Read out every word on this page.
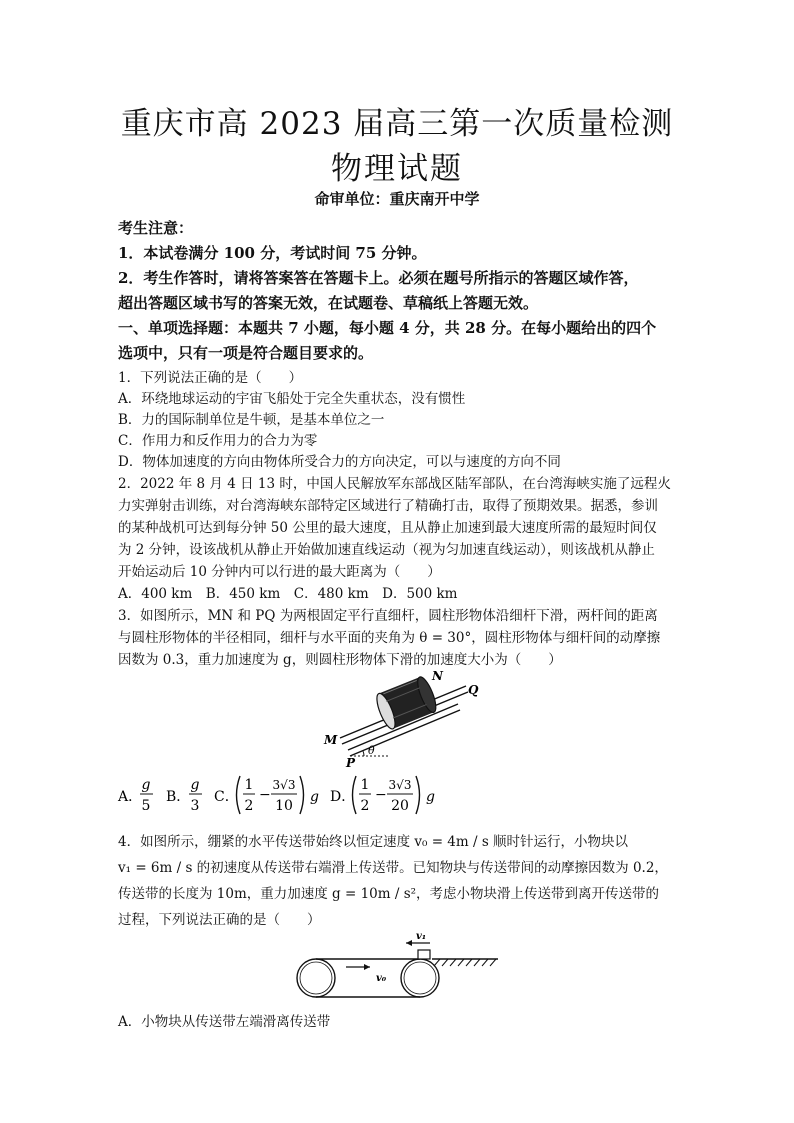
重庆市高 2023 届高三第一次质量检测
物理试题
命审单位：重庆南开中学
考生注意：
1．本试卷满分 100 分，考试时间 75 分钟。
2．考生作答时，请将答案答在答题卡上。必须在题号所指示的答题区域作答，
超出答题区域书写的答案无效，在试题卷、草稿纸上答题无效。
一、单项选择题：本题共 7 小题，每小题 4 分，共 28 分。在每小题给出的四个
选项中，只有一项是符合题目要求的。
1．下列说法正确的是（　　）
A．环绕地球运动的宇宙飞船处于完全失重状态，没有惯性
B．力的国际制单位是牛顿，是基本单位之一
C．作用力和反作用力的合力为零
D．物体加速度的方向由物体所受合力的方向决定，可以与速度的方向不同
2．2022 年 8 月 4 日 13 时，中国人民解放军东部战区陆军部队，在台湾海峡实施了远程火
力实弹射击训练，对台湾海峡东部特定区域进行了精确打击，取得了预期效果。据悉，参训
的某种战机可达到每分钟 50 公里的最大速度，且从静止加速到最大速度所需的最短时间仅
为 2 分钟，设该战机从静止开始做加速直线运动（视为匀加速直线运动），则该战机从静止
开始运动后 10 分钟内可以行进的最大距离为（　　）
A．400 km　B．450 km　C．480 km　D．500 km
3．如图所示，MN 和 PQ 为两根固定平行直细杆，圆柱形物体沿细杆下滑，两杆间的距离
与圆柱形物体的半径相同，细杆与水平面的夹角为 θ = 30°，圆柱形物体与细杆间的动摩擦
因数为 0.3，重力加速度为 g，则圆柱形物体下滑的加速度大小为（　　）
N
Q
M
P
θ
A．
g
5
B．
g
3
C．
1
2
−
3√3
10
g D．
1
2
−
3√3
20
g
4．如图所示，绷紧的水平传送带始终以恒定速度 v₀ = 4m / s 顺时针运行，小物块以
v₁ = 6m / s 的初速度从传送带右端滑上传送带。已知物块与传送带间的动摩擦因数为 0.2，
传送带的长度为 10m，重力加速度 g = 10m / s²，考虑小物块滑上传送带到离开传送带的
过程，下列说法正确的是（　　）
v₁
v₀
A．小物块从传送带左端滑离传送带
